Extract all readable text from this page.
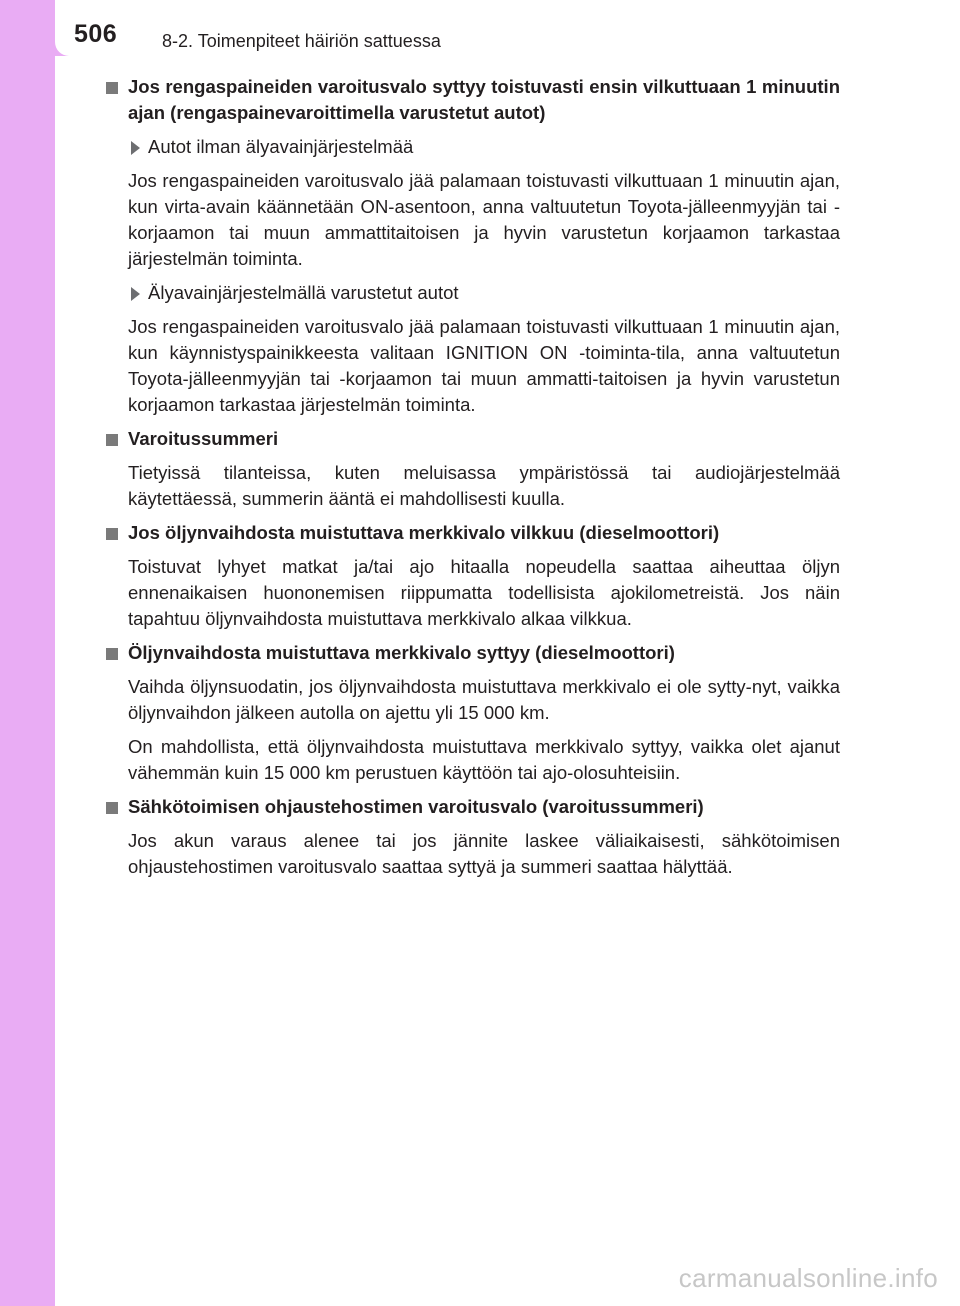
506 8-2. Toimenpiteet häiriön sattuessa
Jos rengaspaineiden varoitusvalo syttyy toistuvasti ensin vilkuttuaan 1 minuutin ajan (rengaspainevaroittimella varustetut autot)
Autot ilman älyavainjärjestelmää
Jos rengaspaineiden varoitusvalo jää palamaan toistuvasti vilkuttuaan 1 minuutin ajan, kun virta-avain käännetään ON-asentoon, anna valtuutetun Toyota-jälleenmyyjän tai -korjaamon tai muun ammattitaitoisen ja hyvin varustetun korjaamon tarkastaa järjestelmän toiminta.
Älyavainjärjestelmällä varustetut autot
Jos rengaspaineiden varoitusvalo jää palamaan toistuvasti vilkuttuaan 1 minuutin ajan, kun käynnistyspainikkeesta valitaan IGNITION ON -toiminta-tila, anna valtuutetun Toyota-jälleenmyyjän tai -korjaamon tai muun ammatti-taitoisen ja hyvin varustetun korjaamon tarkastaa järjestelmän toiminta.
Varoitussummeri
Tietyissä tilanteissa, kuten meluisassa ympäristössä tai audiojärjestelmää käytettäessä, summerin ääntä ei mahdollisesti kuulla.
Jos öljynvaihdosta muistuttava merkkivalo vilkkuu (dieselmoottori)
Toistuvat lyhyet matkat ja/tai ajo hitaalla nopeudella saattaa aiheuttaa öljyn ennenaikaisen huononemisen riippumatta todellisista ajokilometreistä. Jos näin tapahtuu öljynvaihdosta muistuttava merkkivalo alkaa vilkkua.
Öljynvaihdosta muistuttava merkkivalo syttyy (dieselmoottori)
Vaihda öljynsuodatin, jos öljynvaihdosta muistuttava merkkivalo ei ole sytty-nyt, vaikka öljynvaihdon jälkeen autolla on ajettu yli 15 000 km.
On mahdollista, että öljynvaihdosta muistuttava merkkivalo syttyy, vaikka olet ajanut vähemmän kuin 15 000 km perustuen käyttöön tai ajo-olosuhteisiin.
Sähkötoimisen ohjaustehostimen varoitusvalo (varoitussummeri)
Jos akun varaus alenee tai jos jännite laskee väliaikaisesti, sähkötoimisen ohjaustehostimen varoitusvalo saattaa syttyä ja summeri saattaa hälyttää.
carmanualsonline.info
